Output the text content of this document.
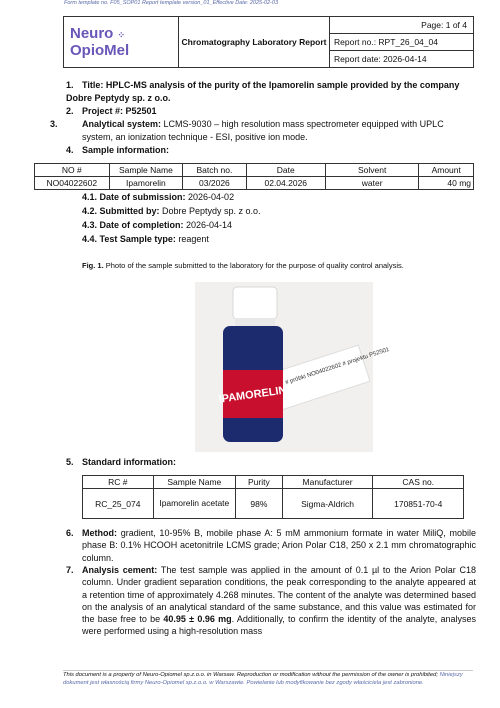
Form template no. F05_SOP01 Report template version_01_Effective Date: 2025-02-03
Neuro ⁘
OpioMel	Chromatography Laboratory Report	Page: 1 of 4
Report no.: RPT_26_04_04
Report date: 2026-04-14
1. Title: HPLC-MS analysis of the purity of the Ipamorelin sample provided by the company Dobre Peptydy sp. z o.o.
2. Project #: P52501
3.	Analytical system: LCMS-9030 – high resolution mass spectrometer equipped with UPLC system, an ionization technique - ESI, positive ion mode.
4. Sample information:
NO #	Sample Name	Batch no.	Date	Solvent	Amount
NO04022602	Ipamorelin	03/2026	02.04.2026	water	40 mg
4.1. Date of submission: 2026-04-02
4.2. Submitted by: Dobre Peptydy sp. z o.o.
4.3. Date of completion: 2026-04-14
4.4. Test Sample type: reagent
Fig. 1. Photo of the sample submitted to the laboratory for the purpose of quality control analysis.
# próbki NO04022602 # projektu P52501
IPAMORELIN
5. Standard information:
RC #	Sample Name	Purity	Manufacturer	CAS no.
RC_25_074	Ipamorelin acetate	98%	Sigma-Aldrich	170851-70-4
6. Method: gradient, 10-95% B, mobile phase A: 5 mM ammonium formate in water MiliQ, mobile phase B: 0.1% HCOOH acetonitrile LCMS grade; Arion Polar C18, 250 x 2.1 mm chromatographic column.
7. Analysis cement: The test sample was applied in the amount of 0.1 µl to the Arion Polar C18 column. Under gradient separation conditions, the peak corresponding to the analyte appeared at a retention time of approximately 4.268 minutes. The content of the analyte was determined based on the analysis of an analytical standard of the same substance, and this value was estimated for the base free to be 40.95 ± 0.96 mg. Additionally, to confirm the identity of the analyte, analyses were performed using a high-resolution mass
This document is a property of Neuro-Opiomel sp.z.o.o. in Warsaw. Reproduction or modification without the permission of the owner is prohibited; Niniejszy dokument jest własnością firmy Neuro-Opiomel sp.z.o.o. w Warszawie. Powielanie lub modyfikowanie bez zgody właściciela jest zabronione.
